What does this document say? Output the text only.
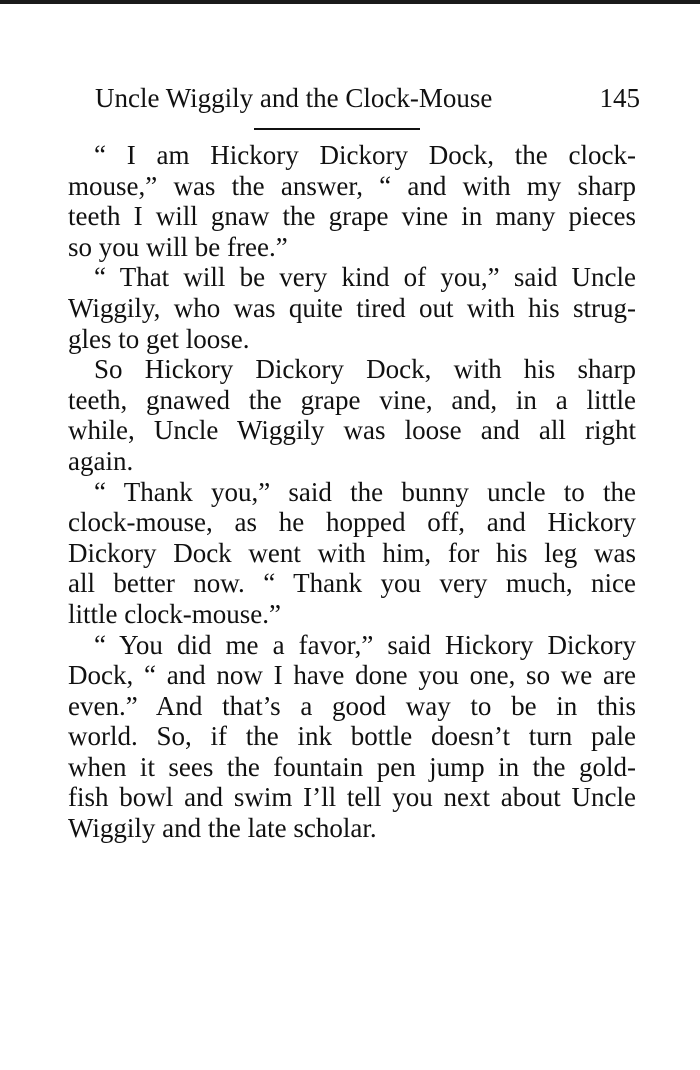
Uncle Wiggily and the Clock-Mouse	145
“ I am Hickory Dickory Dock, the clock-
mouse,” was the answer, “ and with my sharp
teeth I will gnaw the grape vine in many pieces
so you will be free.”
“ That will be very kind of you,” said Uncle
Wiggily, who was quite tired out with his strug-
gles to get loose.
So Hickory Dickory Dock, with his sharp
teeth, gnawed the grape vine, and, in a little
while, Uncle Wiggily was loose and all right
again.
“ Thank you,” said the bunny uncle to the
clock-mouse, as he hopped off, and Hickory
Dickory Dock went with him, for his leg was
all better now. “ Thank you very much, nice
little clock-mouse.”
“ You did me a favor,” said Hickory Dickory
Dock, “ and now I have done you one, so we are
even.” And that’s a good way to be in this
world. So, if the ink bottle doesn’t turn pale
when it sees the fountain pen jump in the gold-
fish bowl and swim I’ll tell you next about Uncle
Wiggily and the late scholar.
